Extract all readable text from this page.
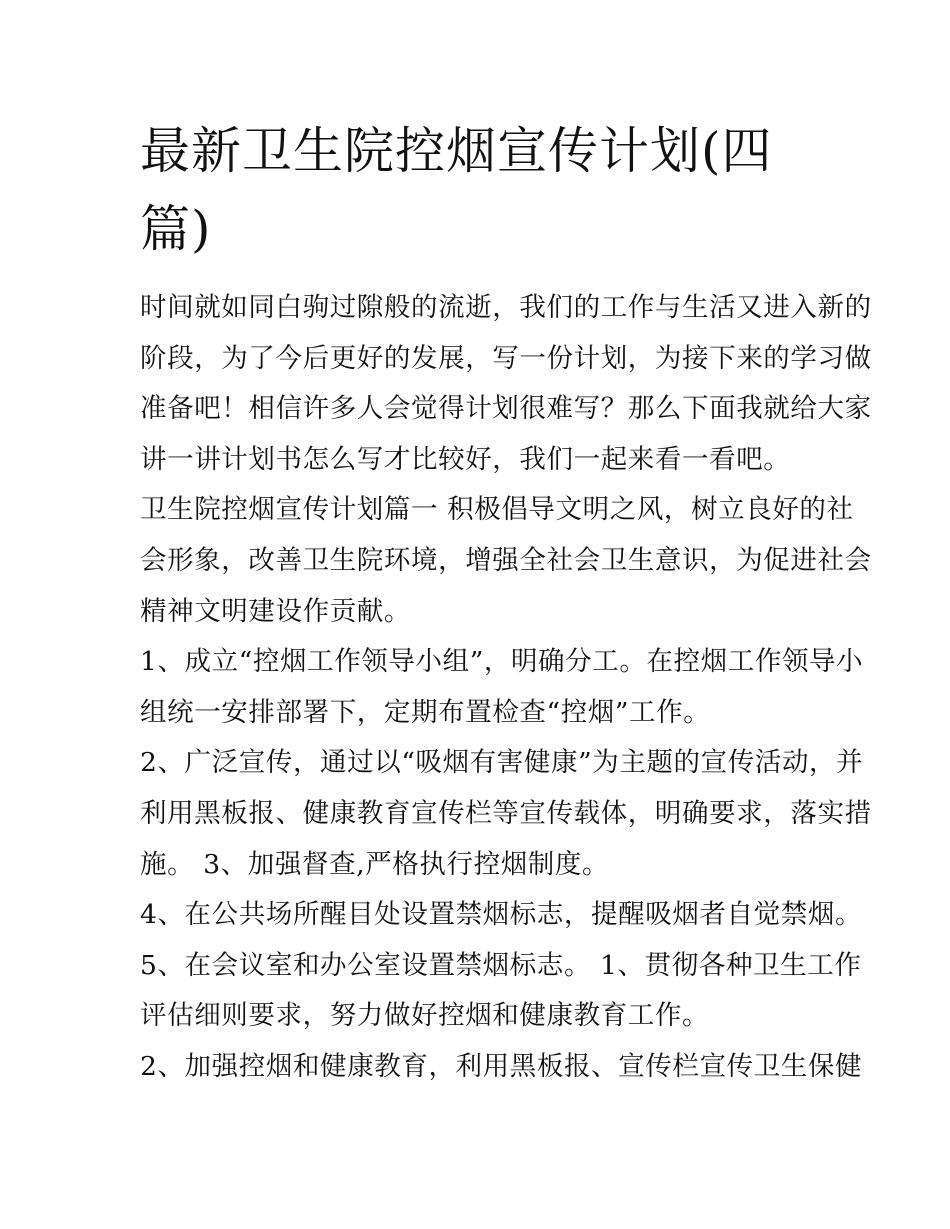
最新卫生院控烟宣传计划(四
篇)
时间就如同白驹过隙般的流逝，我们的工作与生活又进入新的
阶段，为了今后更好的发展，写一份计划，为接下来的学习做
准备吧！相信许多人会觉得计划很难写？那么下面我就给大家
讲一讲计划书怎么写才比较好，我们一起来看一看吧。
卫生院控烟宣传计划篇一 积极倡导文明之风，树立良好的社
会形象，改善卫生院环境，增强全社会卫生意识，为促进社会
精神文明建设作贡献。
1、成立“控烟工作领导小组”，明确分工。在控烟工作领导小
组统一安排部署下，定期布置检查“控烟”工作。
2、广泛宣传，通过以“吸烟有害健康”为主题的宣传活动，并
利用黑板报、健康教育宣传栏等宣传载体，明确要求，落实措
施。 3、加强督查,严格执行控烟制度。
4、在公共场所醒目处设置禁烟标志，提醒吸烟者自觉禁烟。
5、在会议室和办公室设置禁烟标志。 1、贯彻各种卫生工作
评估细则要求，努力做好控烟和健康教育工作。
2、加强控烟和健康教育，利用黑板报、宣传栏宣传卫生保健
